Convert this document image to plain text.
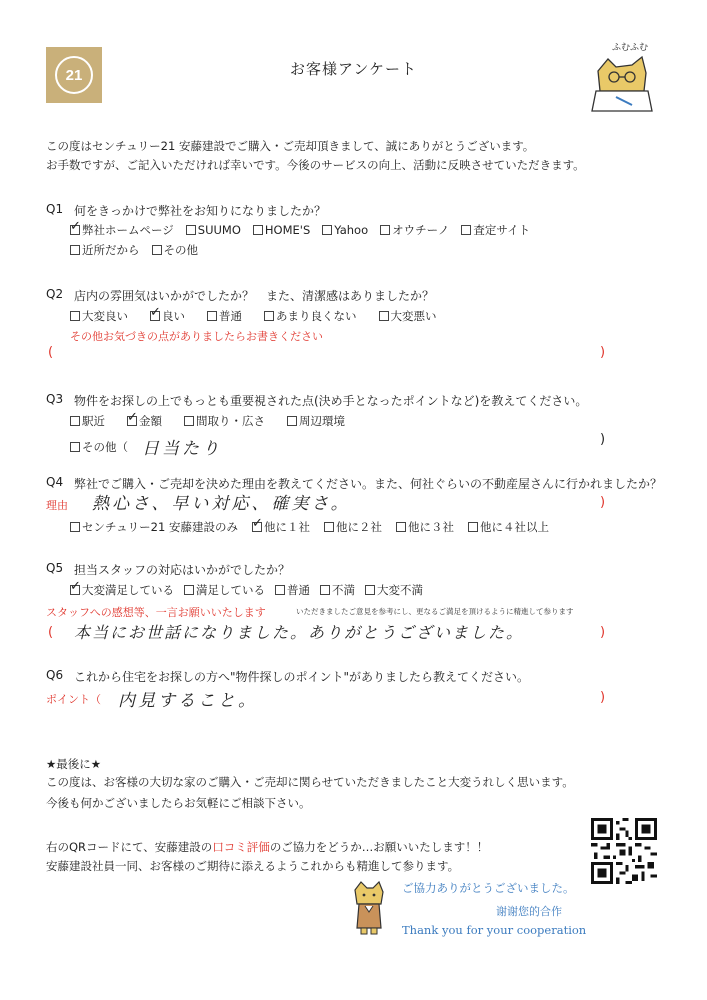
21	お客様アンケート
ふむふむ
この度はセンチュリー21 安藤建設でご購入・ご売却頂きまして、誠にありがとうございます。
お手数ですが、ご記入いただければ幸いです。今後のサービスの向上、活動に反映させていただきます。
Q1 何をきっかけで弊社をお知りになりましたか？
✓ 弊社ホームページ SUUMO HOME'S Yahoo オウチーノ 査定サイト
近所だから その他
Q2 店内の雰囲気はいかがでしたか？　また、清潔感はありましたか？
大変良い ✓ 良い	普通	あまり良くない	大変悪い
その他お気づきの点がありましたらお書きください
(	)
Q3 物件をお探しの上でもっとも重要視された点(決め手となったポイントなど)を教えてください。
駅近 ✓ 金額	間取り・広さ	周辺環境
その他（ 日当たり	)
Q4 弊社でご購入・ご売却を決めた理由を教えてください。また、何社ぐらいの不動産屋さんに行かれましたか？
理由 熱心さ、早い対応、確実さ。	)
センチュリー21 安藤建設のみ ✓ 他に１社 他に２社 他に３社 他に４社以上
Q5 担当スタッフの対応はいかがでしたか？
✓ 大変満足している 満足している 普通 不満 大変不満
スタッフへの感想等、一言お願いいたします	いただきましたご意見を参考にし、更なるご満足を頂けるように精進して参ります
( 本当にお世話になりました。ありがとうございました。	)
Q6 これから住宅をお探しの方へ"物件探しのポイント"がありましたら教えてください。
ポイント（ 内見すること。	)
★最後に★
この度は、お客様の大切な家のご購入・ご売却に関らせていただきましたこと大変うれしく思います。
今後も何かございましたらお気軽にご相談下さい。
右のQRコードにて、安藤建設の口コミ評価のご協力をどうか…お願いいたします！！
安藤建設社員一同、お客様のご期待に添えるようこれからも精進して参ります。
ご協力ありがとうございました。
谢谢您的合作
Thank you for your cooperation
